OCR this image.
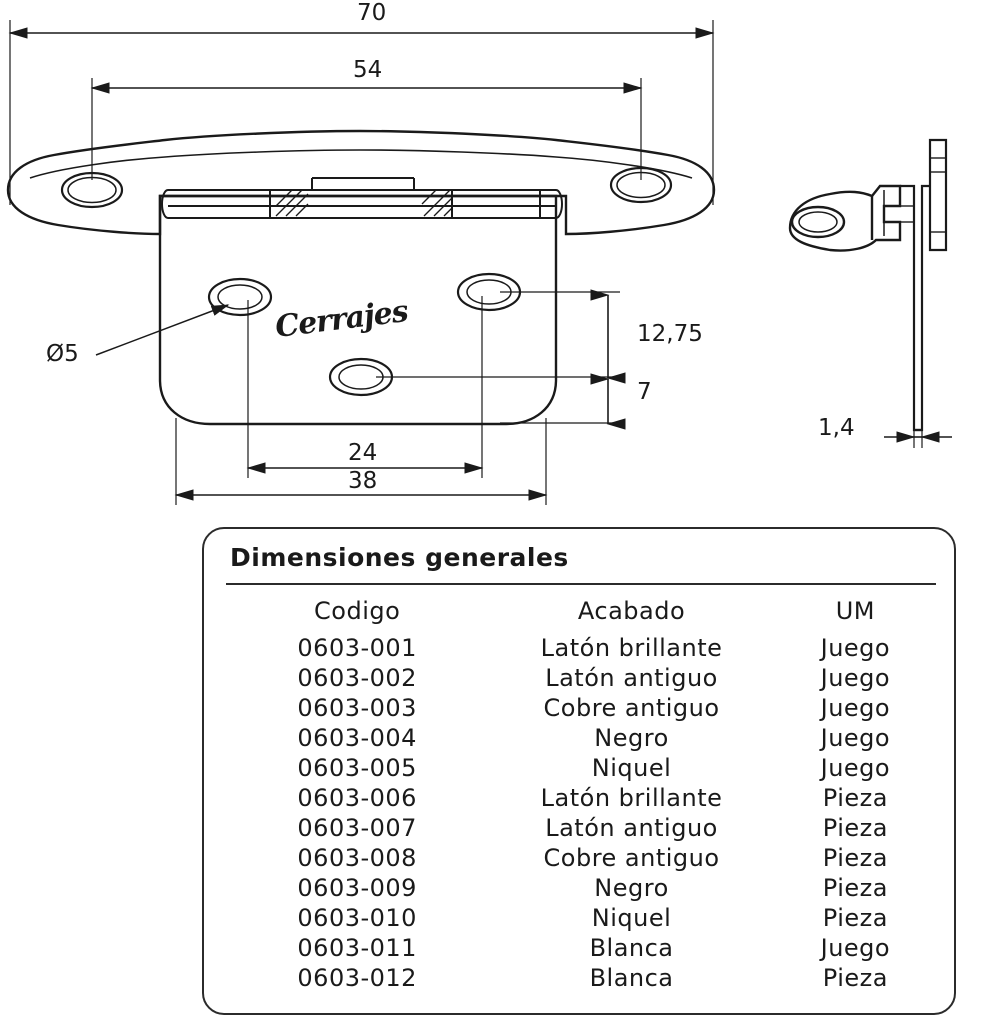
Cerrajes
70
54
Ø5
12,75
7
24
38
1,4
Dimensiones generales
Codigo	Acabado	UM
0603-001	Latón brillante	Juego
0603-002	Latón antiguo	Juego
0603-003	Cobre antiguo	Juego
0603-004	Negro	Juego
0603-005	Niquel	Juego
0603-006	Latón brillante	Pieza
0603-007	Latón antiguo	Pieza
0603-008	Cobre antiguo	Pieza
0603-009	Negro	Pieza
0603-010	Niquel	Pieza
0603-011	Blanca	Juego
0603-012	Blanca	Pieza
